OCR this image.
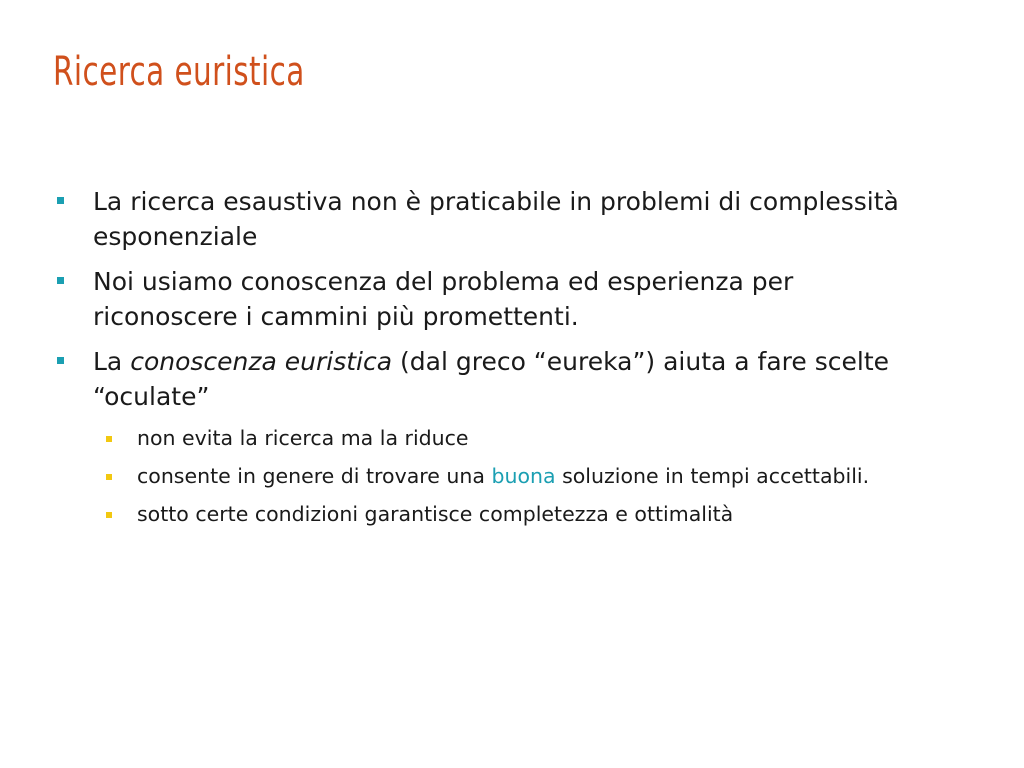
Ricerca euristica
La ricerca esaustiva non è praticabile in problemi di complessità esponenziale
Noi usiamo conoscenza del problema ed esperienza per riconoscere i cammini più promettenti.
La conoscenza euristica (dal greco “eureka”) aiuta a fare scelte “oculate”
non evita la ricerca ma la riduce
consente in genere di trovare una buona soluzione in tempi accettabili.
sotto certe condizioni garantisce completezza e ottimalità
